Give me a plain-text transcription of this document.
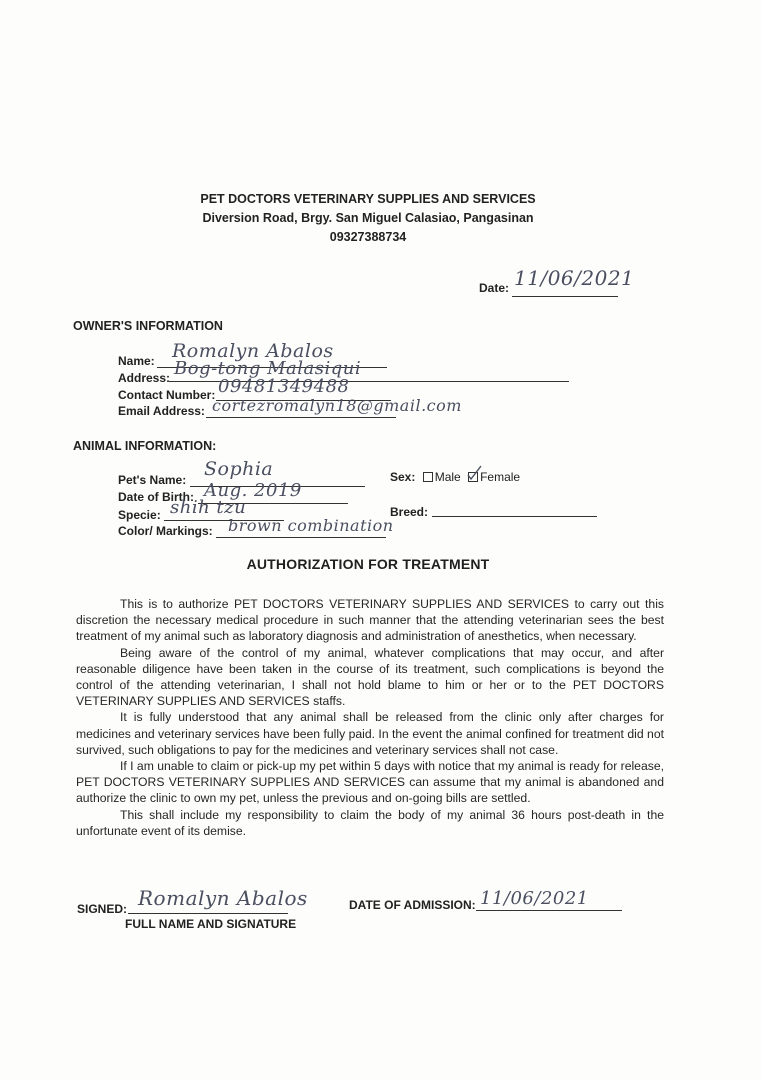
PET DOCTORS VETERINARY SUPPLIES AND SERVICES
Diversion Road, Brgy. San Miguel Calasiao, Pangasinan
09327388734
Date: 11/06/2021
OWNER'S INFORMATION
Name: Romalyn Abalos
Address: Bog-tong Malasiqui
Contact Number: 09481349488
Email Address: cortezromalyn18@gmail.com
ANIMAL INFORMATION:
Pet's Name: Sophia
Date of Birth: Aug. 2019
Specie: shih tzu
Color/ Markings: brown combination
Sex: Male Female
Breed:
AUTHORIZATION FOR TREATMENT

This is to authorize PET DOCTORS VETERINARY SUPPLIES AND SERVICES to carry out this discretion the necessary medical procedure in such manner that the attending veterinarian sees the best treatment of my animal such as laboratory diagnosis and administration of anesthetics, when necessary.

Being aware of the control of my animal, whatever complications that may occur, and after reasonable diligence have been taken in the course of its treatment, such complications is beyond the control of the attending veterinarian, I shall not hold blame to him or her or to the PET DOCTORS VETERINARY SUPPLIES AND SERVICES staffs.

It is fully understood that any animal shall be released from the clinic only after charges for medicines and veterinary services have been fully paid. In the event the animal confined for treatment did not survived, such obligations to pay for the medicines and veterinary services shall not case.

If I am unable to claim or pick-up my pet within 5 days with notice that my animal is ready for release, PET DOCTORS VETERINARY SUPPLIES AND SERVICES can assume that my animal is abandoned and authorize the clinic to own my pet, unless the previous and on-going bills are settled.

This shall include my responsibility to claim the body of my animal 36 hours post-death in the unfortunate event of its demise.

SIGNED: Romalyn Abalos
FULL NAME AND SIGNATURE
DATE OF ADMISSION: 11/06/2021
